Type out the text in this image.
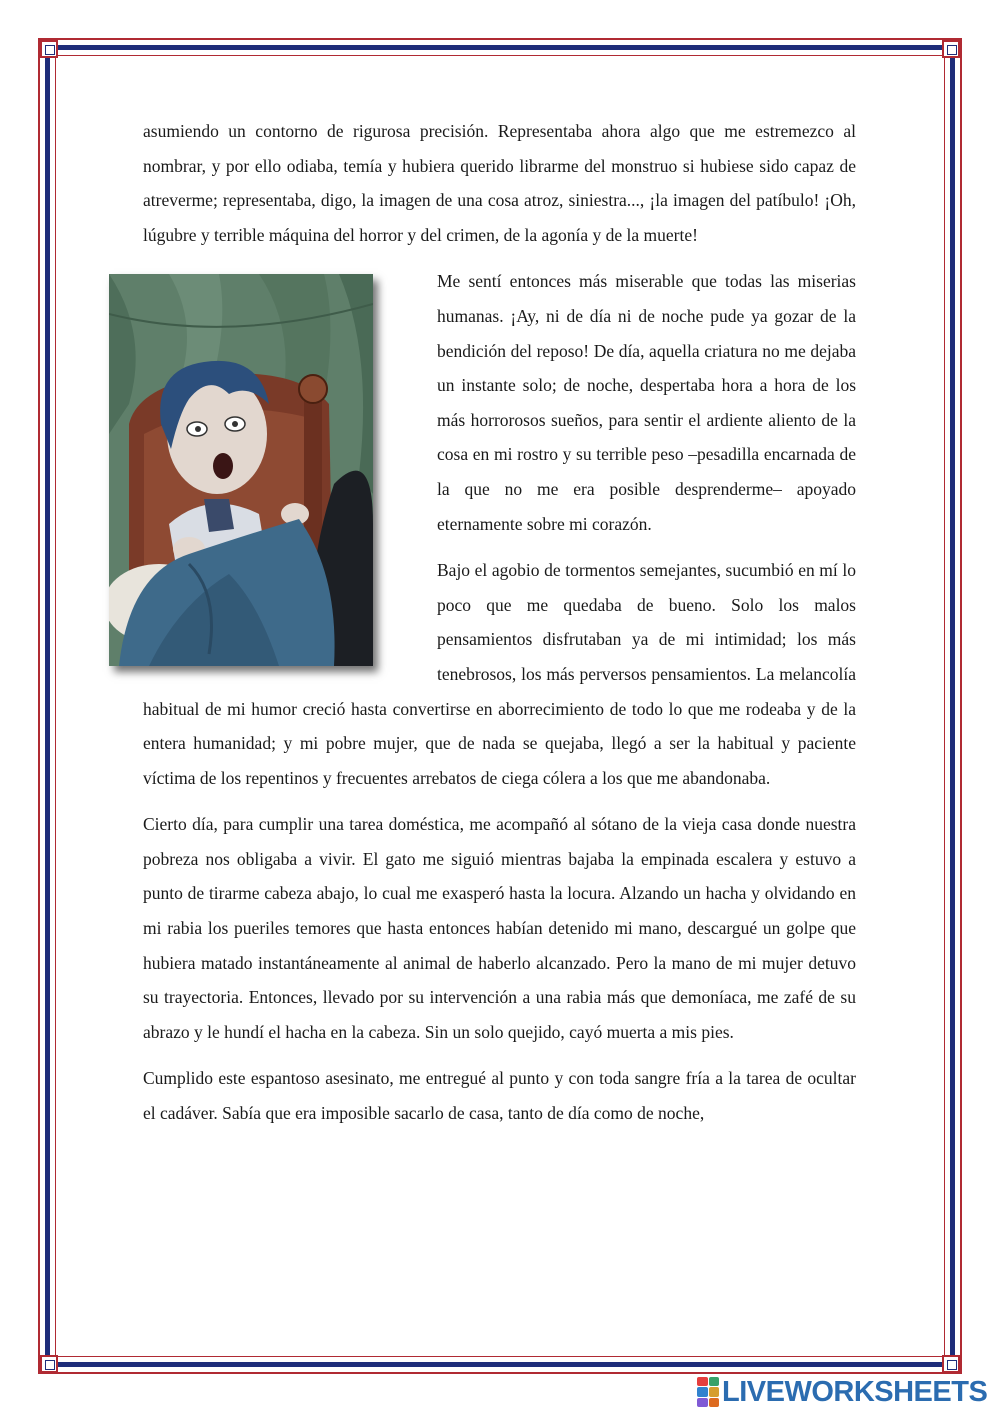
asumiendo un contorno de rigurosa precisión. Representaba ahora algo que me estremezco al nombrar, y por ello odiaba, temía y hubiera querido librarme del monstruo si hubiese sido capaz de atreverme; representaba, digo, la imagen de una cosa atroz, siniestra..., ¡la imagen del patíbulo! ¡Oh, lúgubre y terrible máquina del horror y del crimen, de la agonía y de la muerte!

Me sentí entonces más miserable que todas las miserias humanas. ¡Ay, ni de día ni de noche pude ya gozar de la bendición del reposo! De día, aquella criatura no me dejaba un instante solo; de noche, despertaba hora a hora de los más horrorosos sueños, para sentir el ardiente aliento de la cosa en mi rostro y su terrible peso –pesadilla encarnada de la que no me era posible desprenderme– apoyado eternamente sobre mi corazón.

Bajo el agobio de tormentos semejantes, sucumbió en mí lo poco que me quedaba de bueno. Solo los malos pensamientos disfrutaban ya de mi intimidad; los más tenebrosos, los más perversos pensamientos. La melancolía habitual de mi humor creció hasta convertirse en aborrecimiento de todo lo que me rodeaba y de la entera humanidad; y mi pobre mujer, que de nada se quejaba, llegó a ser la habitual y paciente víctima de los repentinos y frecuentes arrebatos de ciega cólera a los que me abandonaba.

Cierto día, para cumplir una tarea doméstica, me acompañó al sótano de la vieja casa donde nuestra pobreza nos obligaba a vivir. El gato me siguió mientras bajaba la empinada escalera y estuvo a punto de tirarme cabeza abajo, lo cual me exasperó hasta la locura. Alzando un hacha y olvidando en mi rabia los pueriles temores que hasta entonces habían detenido mi mano, descargué un golpe que hubiera matado instantáneamente al animal de haberlo alcanzado. Pero la mano de mi mujer detuvo su trayectoria. Entonces, llevado por su intervención a una rabia más que demoníaca, me zafé de su abrazo y le hundí el hacha en la cabeza. Sin un solo quejido, cayó muerta a mis pies.

Cumplido este espantoso asesinato, me entregué al punto y con toda sangre fría a la tarea de ocultar el cadáver. Sabía que era imposible sacarlo de casa, tanto de día como de noche,

LIVEWORKSHEETS
